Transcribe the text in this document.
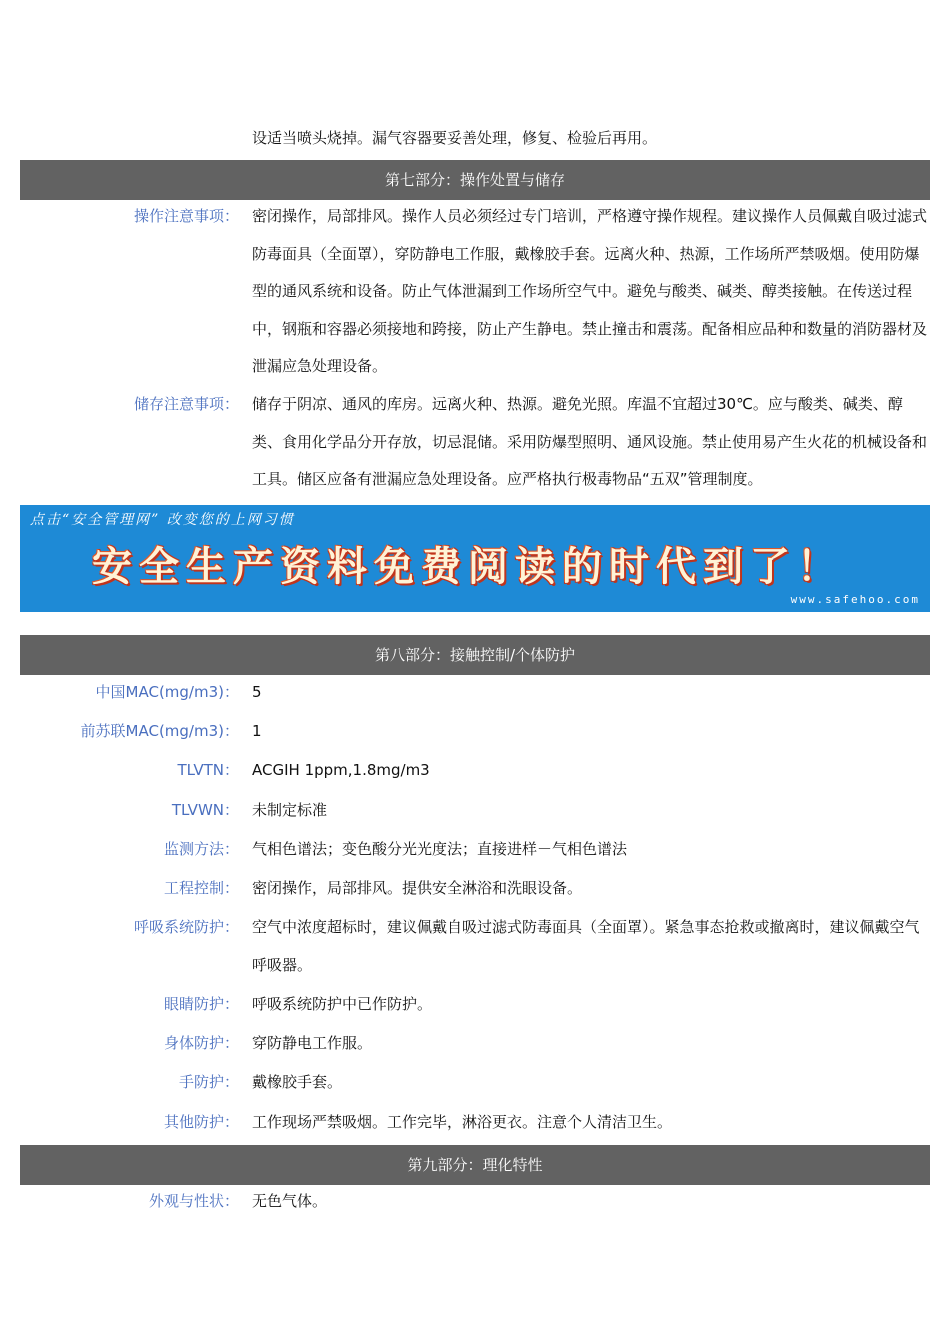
设适当喷头烧掉。漏气容器要妥善处理，修复、检验后再用。
第七部分：操作处置与储存
操作注意事项： 密闭操作，局部排风。操作人员必须经过专门培训，严格遵守操作规程。建议操作人员佩戴自吸过滤式防毒面具（全面罩），穿防静电工作服，戴橡胶手套。远离火种、热源，工作场所严禁吸烟。使用防爆型的通风系统和设备。防止气体泄漏到工作场所空气中。避免与酸类、碱类、醇类接触。在传送过程中，钢瓶和容器必须接地和跨接，防止产生静电。禁止撞击和震荡。配备相应品种和数量的消防器材及泄漏应急处理设备。
储存注意事项： 储存于阴凉、通风的库房。远离火种、热源。避免光照。库温不宜超过30℃。应与酸类、碱类、醇类、食用化学品分开存放，切忌混储。采用防爆型照明、通风设施。禁止使用易产生火花的机械设备和工具。储区应备有泄漏应急处理设备。应严格执行极毒物品“五双”管理制度。
点击“安全管理网” 改变您的上网习惯
安全生产资料免费阅读的时代到了！
www.safehoo.com
第八部分：接触控制/个体防护
中国MAC(mg/m3)： 5
前苏联MAC(mg/m3)： 1
TLVTN： ACGIH 1ppm,1.8mg/m3
TLVWN： 未制定标准
监测方法： 气相色谱法；变色酸分光光度法；直接进样－气相色谱法
工程控制： 密闭操作，局部排风。提供安全淋浴和洗眼设备。
呼吸系统防护： 空气中浓度超标时，建议佩戴自吸过滤式防毒面具（全面罩）。紧急事态抢救或撤离时，建议佩戴空气呼吸器。
眼睛防护： 呼吸系统防护中已作防护。
身体防护： 穿防静电工作服。
手防护： 戴橡胶手套。
其他防护： 工作现场严禁吸烟。工作完毕，淋浴更衣。注意个人清洁卫生。
第九部分：理化特性
外观与性状： 无色气体。
